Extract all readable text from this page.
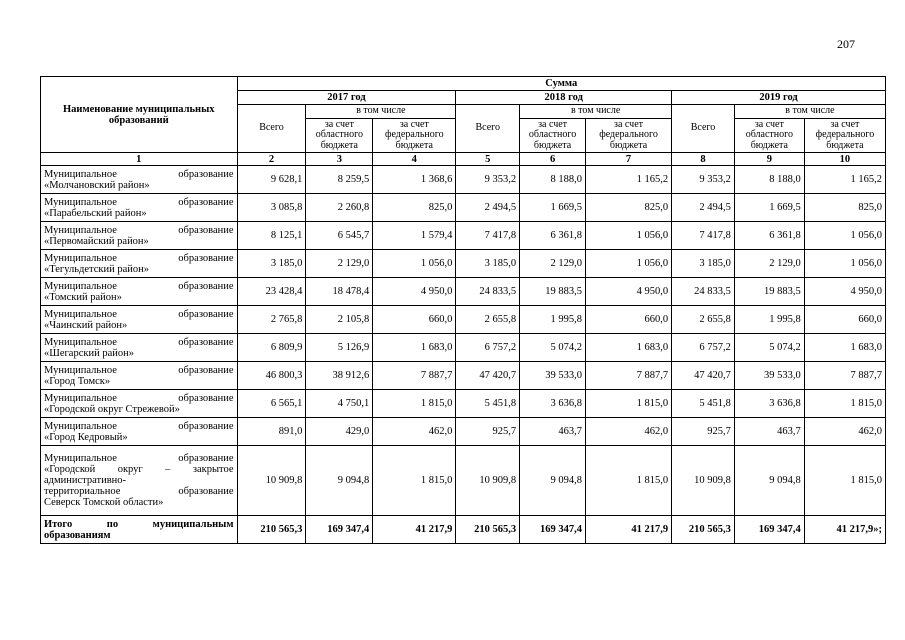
207
Наименование муниципальных образований	Сумма								
	2017 год			2018 год			2019 год		
	Всего	в том числе		Всего	в том числе		Всего	в том числе	
		за счет областного бюджета	за счет федерального бюджета		за счет областного бюджета	за счет федерального бюджета		за счет областного бюджета	за счет федерального бюджета
1	2	3	4	5	6	7	8	9	10

Муниципальное образование
«Молчановский район»	9 628,1	8 259,5	1 368,6	9 353,2	8 188,0	1 165,2	9 353,2	8 188,0	1 165,2

Муниципальное образование
«Парабельский район»	3 085,8	2 260,8	825,0	2 494,5	1 669,5	825,0	2 494,5	1 669,5	825,0

Муниципальное образование
«Первомайский район»	8 125,1	6 545,7	1 579,4	7 417,8	6 361,8	1 056,0	7 417,8	6 361,8	1 056,0

Муниципальное образование
«Тегульдетский район»	3 185,0	2 129,0	1 056,0	3 185,0	2 129,0	1 056,0	3 185,0	2 129,0	1 056,0

Муниципальное образование
«Томский район»	23 428,4	18 478,4	4 950,0	24 833,5	19 883,5	4 950,0	24 833,5	19 883,5	4 950,0

Муниципальное образование
«Чаинский район»	2 765,8	2 105,8	660,0	2 655,8	1 995,8	660,0	2 655,8	1 995,8	660,0

Муниципальное образование
«Шегарский район»	6 809,9	5 126,9	1 683,0	6 757,2	5 074,2	1 683,0	6 757,2	5 074,2	1 683,0

Муниципальное образование
«Город Томск»	46 800,3	38 912,6	7 887,7	47 420,7	39 533,0	7 887,7	47 420,7	39 533,0	7 887,7

Муниципальное образование
«Городской округ Стрежевой»	6 565,1	4 750,1	1 815,0	5 451,8	3 636,8	1 815,0	5 451,8	3 636,8	1 815,0

Муниципальное образование
«Город Кедровый»	891,0	429,0	462,0	925,7	463,7	462,0	925,7	463,7	462,0

Муниципальное образование
«Городской округ – закрытое
административно-
территориальное образование
Северск Томской области»	10 909,8	9 094,8	1 815,0	10 909,8	9 094,8	1 815,0	10 909,8	9 094,8	1 815,0

Итого по муниципальным
образованиям	210 565,3	169 347,4	41 217,9	210 565,3	169 347,4	41 217,9	210 565,3	169 347,4	41 217,9»;
